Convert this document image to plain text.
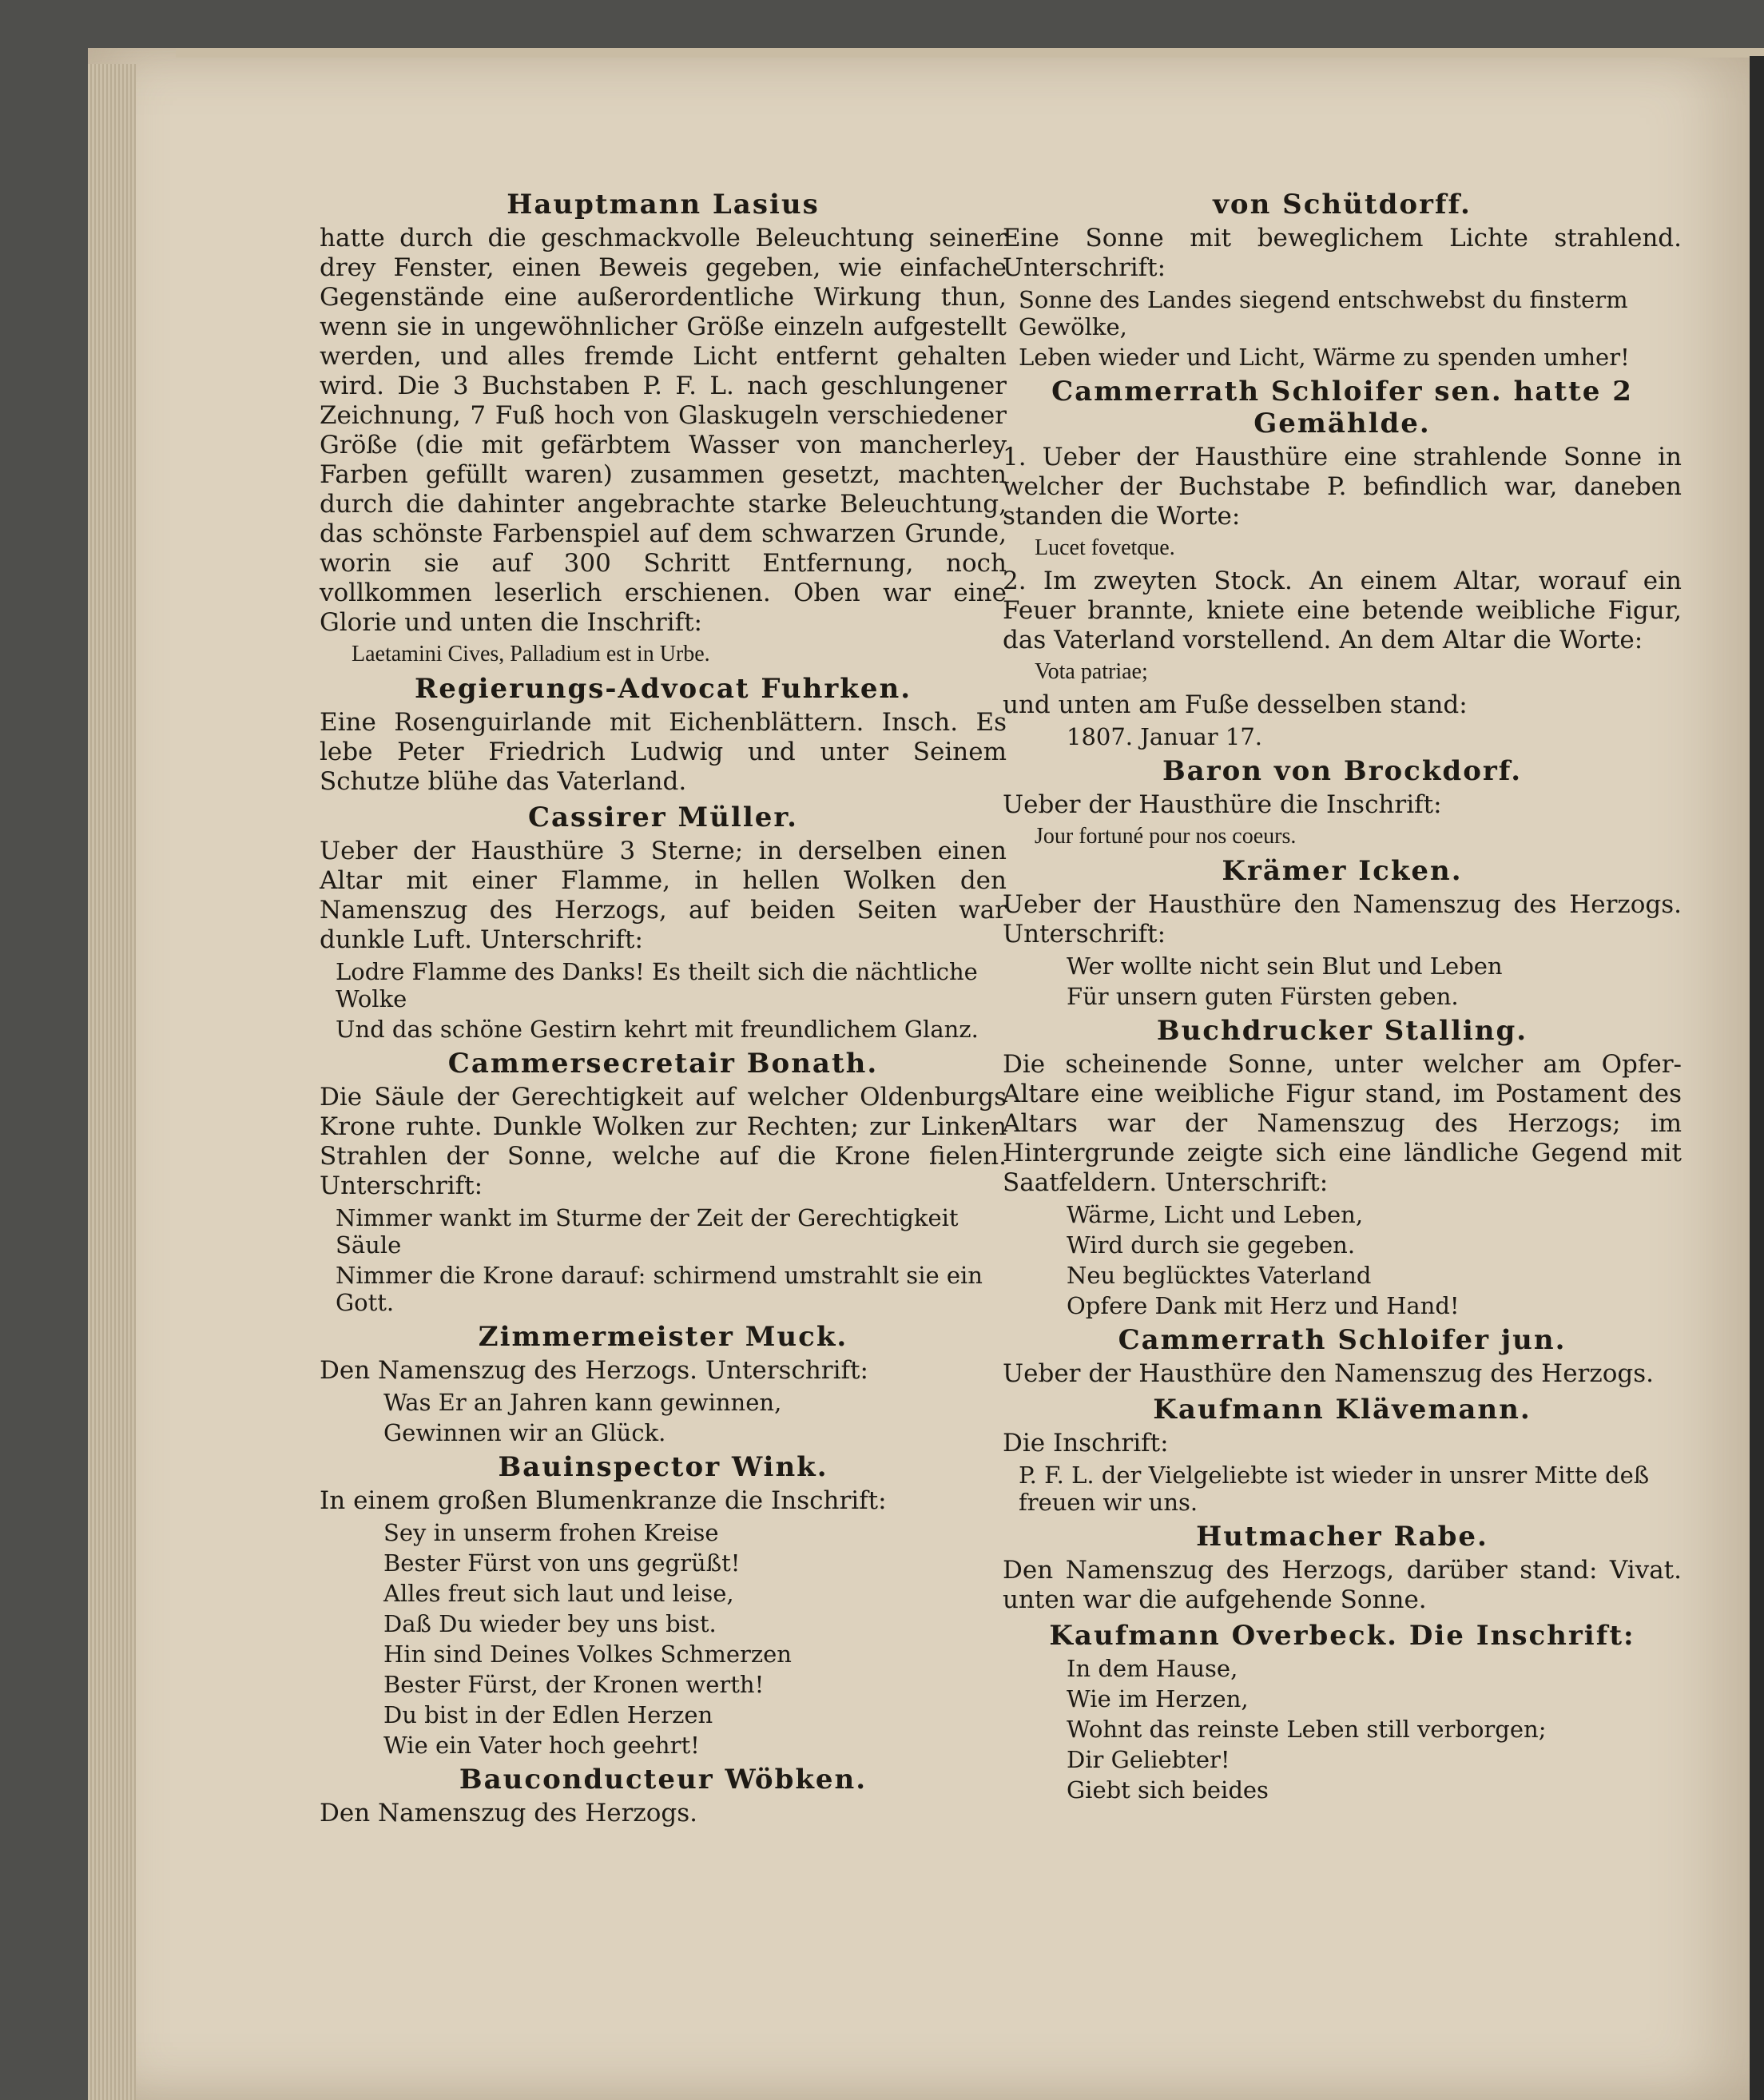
Hauptmann Lasius

hatte durch die geschmackvolle Beleuchtung seiner drey Fenster, einen Beweis gegeben, wie einfache Gegenstände eine außerordentliche Wirkung thun, wenn sie in ungewöhnlicher Größe einzeln aufgestellt werden, und alles fremde Licht entfernt gehalten wird. Die 3 Buchstaben P. F. L. nach geschlungener Zeichnung, 7 Fuß hoch von Glaskugeln verschiedener Größe (die mit gefärbtem Wasser von mancherley Farben gefüllt waren) zusammen gesetzt, machten durch die dahinter angebrachte starke Beleuchtung, das schönste Farbenspiel auf dem schwarzen Grunde, worin sie auf 300 Schritt Entfernung, noch vollkommen leserlich erschienen. Oben war eine Glorie und unten die Inschrift:

Laetamini Cives, Palladium est in Urbe.
Regierungs-Advocat Fuhrken.

Eine Rosenguirlande mit Eichenblättern. Insch. Es lebe Peter Friedrich Ludwig und unter Seinem Schutze blühe das Vaterland.

Cassirer Müller.

Ueber der Hausthüre 3 Sterne; in derselben einen Altar mit einer Flamme, in hellen Wolken den Namenszug des Herzogs, auf beiden Seiten war dunkle Luft. Unterschrift:

Lodre Flamme des Danks! Es theilt sich die nächtliche Wolke
Und das schöne Gestirn kehrt mit freundlichem Glanz.
Cammersecretair Bonath.

Die Säule der Gerechtigkeit auf welcher Oldenburgs Krone ruhte. Dunkle Wolken zur Rechten; zur Linken Strahlen der Sonne, welche auf die Krone fielen. Unterschrift:

Nimmer wankt im Sturme der Zeit der Gerechtigkeit Säule
Nimmer die Krone darauf: schirmend umstrahlt sie ein Gott.
Zimmermeister Muck.

Den Namenszug des Herzogs. Unterschrift:

Was Er an Jahren kann gewinnen,
Gewinnen wir an Glück.
Bauinspector Wink.

In einem großen Blumenkranze die Inschrift:

Sey in unserm frohen Kreise
Bester Fürst von uns gegrüßt!
Alles freut sich laut und leise,
Daß Du wieder bey uns bist.
Hin sind Deines Volkes Schmerzen
Bester Fürst, der Kronen werth!
Du bist in der Edlen Herzen
Wie ein Vater hoch geehrt!
Bauconducteur Wöbken.

Den Namenszug des Herzogs.

von Schütdorff.

Eine Sonne mit beweglichem Lichte strahlend. Unterschrift:

Sonne des Landes siegend entschwebst du finsterm Gewölke,
Leben wieder und Licht, Wärme zu spenden umher!
Cammerrath Schloifer sen. hatte 2 Gemählde.

1. Ueber der Hausthüre eine strahlende Sonne in welcher der Buchstabe P. befindlich war, daneben standen die Worte:

Lucet fovetque.

2. Im zweyten Stock. An einem Altar, worauf ein Feuer brannte, kniete eine betende weibliche Figur, das Vaterland vorstellend. An dem Altar die Worte:

Vota patriae;

und unten am Fuße desselben stand:

1807. Januar 17.
Baron von Brockdorf.

Ueber der Hausthüre die Inschrift:

Jour fortuné pour nos coeurs.
Krämer Icken.

Ueber der Hausthüre den Namenszug des Herzogs. Unterschrift:

Wer wollte nicht sein Blut und Leben
Für unsern guten Fürsten geben.
Buchdrucker Stalling.

Die scheinende Sonne, unter welcher am Opfer-Altare eine weibliche Figur stand, im Postament des Altars war der Namenszug des Herzogs; im Hintergrunde zeigte sich eine ländliche Gegend mit Saatfeldern. Unterschrift:

Wärme, Licht und Leben,
Wird durch sie gegeben.
Neu beglücktes Vaterland
Opfere Dank mit Herz und Hand!
Cammerrath Schloifer jun.

Ueber der Hausthüre den Namenszug des Herzogs.

Kaufmann Klävemann.

Die Inschrift:

P. F. L. der Vielgeliebte ist wieder in unsrer Mitte deß freuen wir uns.
Hutmacher Rabe.

Den Namenszug des Herzogs, darüber stand: Vivat. unten war die aufgehende Sonne.

Kaufmann Overbeck. Die Inschrift:
In dem Hause,
Wie im Herzen,
Wohnt das reinste Leben still verborgen;
Dir Geliebter!
Giebt sich beides
